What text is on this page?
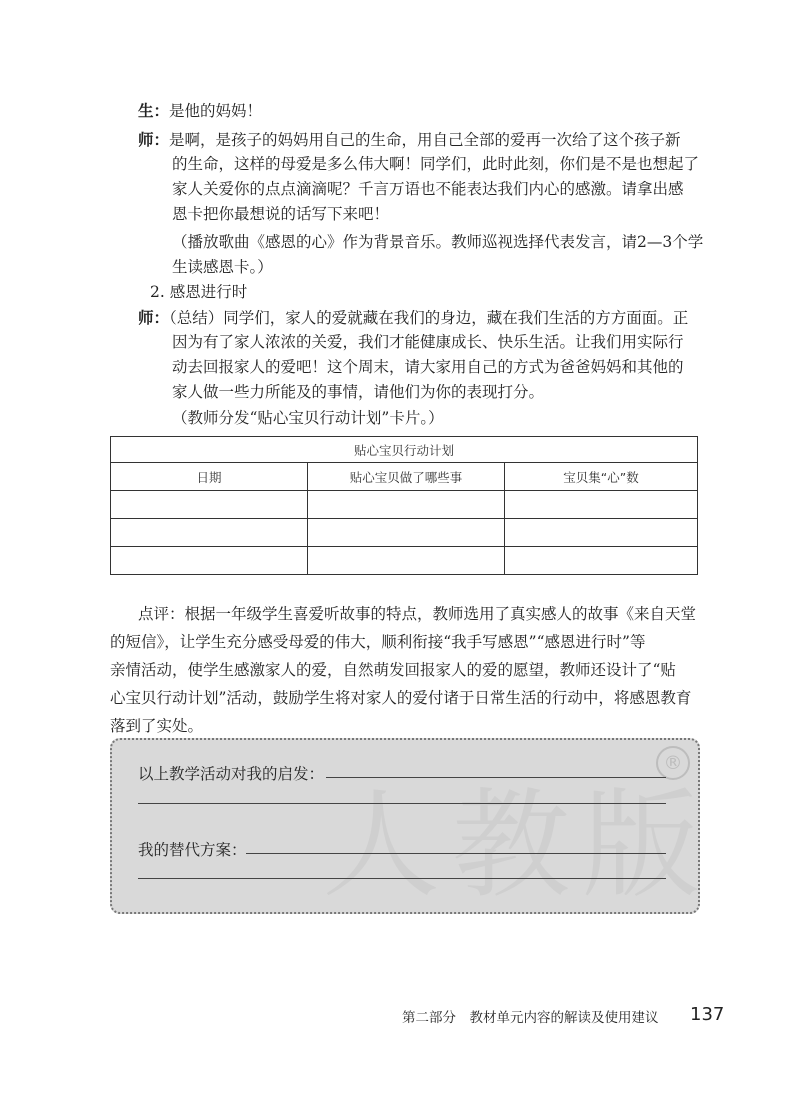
生：是他的妈妈！
师：是啊，是孩子的妈妈用自己的生命，用自己全部的爱再一次给了这个孩子新
的生命，这样的母爱是多么伟大啊！同学们，此时此刻，你们是不是也想起了
家人关爱你的点点滴滴呢？千言万语也不能表达我们内心的感激。请拿出感
恩卡把你最想说的话写下来吧！
（播放歌曲《感恩的心》作为背景音乐。教师巡视选择代表发言，请2—3个学
生读感恩卡。）
2. 感恩进行时
师：（总结）同学们，家人的爱就藏在我们的身边，藏在我们生活的方方面面。正
因为有了家人浓浓的关爱，我们才能健康成长、快乐生活。让我们用实际行
动去回报家人的爱吧！这个周末，请大家用自己的方式为爸爸妈妈和其他的
家人做一些力所能及的事情，请他们为你的表现打分。
（教师分发“贴心宝贝行动计划”卡片。）
贴心宝贝行动计划		
日期	贴心宝贝做了哪些事	宝贝集“心”数

点评：根据一年级学生喜爱听故事的特点，教师选用了真实感人的故事《来自天堂
的短信》，让学生充分感受母爱的伟大，顺利衔接“我手写感恩”“感恩进行时”等
亲情活动，使学生感激家人的爱，自然萌发回报家人的爱的愿望，教师还设计了“贴
心宝贝行动计划”活动，鼓励学生将对家人的爱付诸于日常生活的行动中，将感恩教育
落到了实处。
人教版
®
以上教学活动对我的启发：
我的替代方案：
第二部分　教材单元内容的解读及使用建议 137
